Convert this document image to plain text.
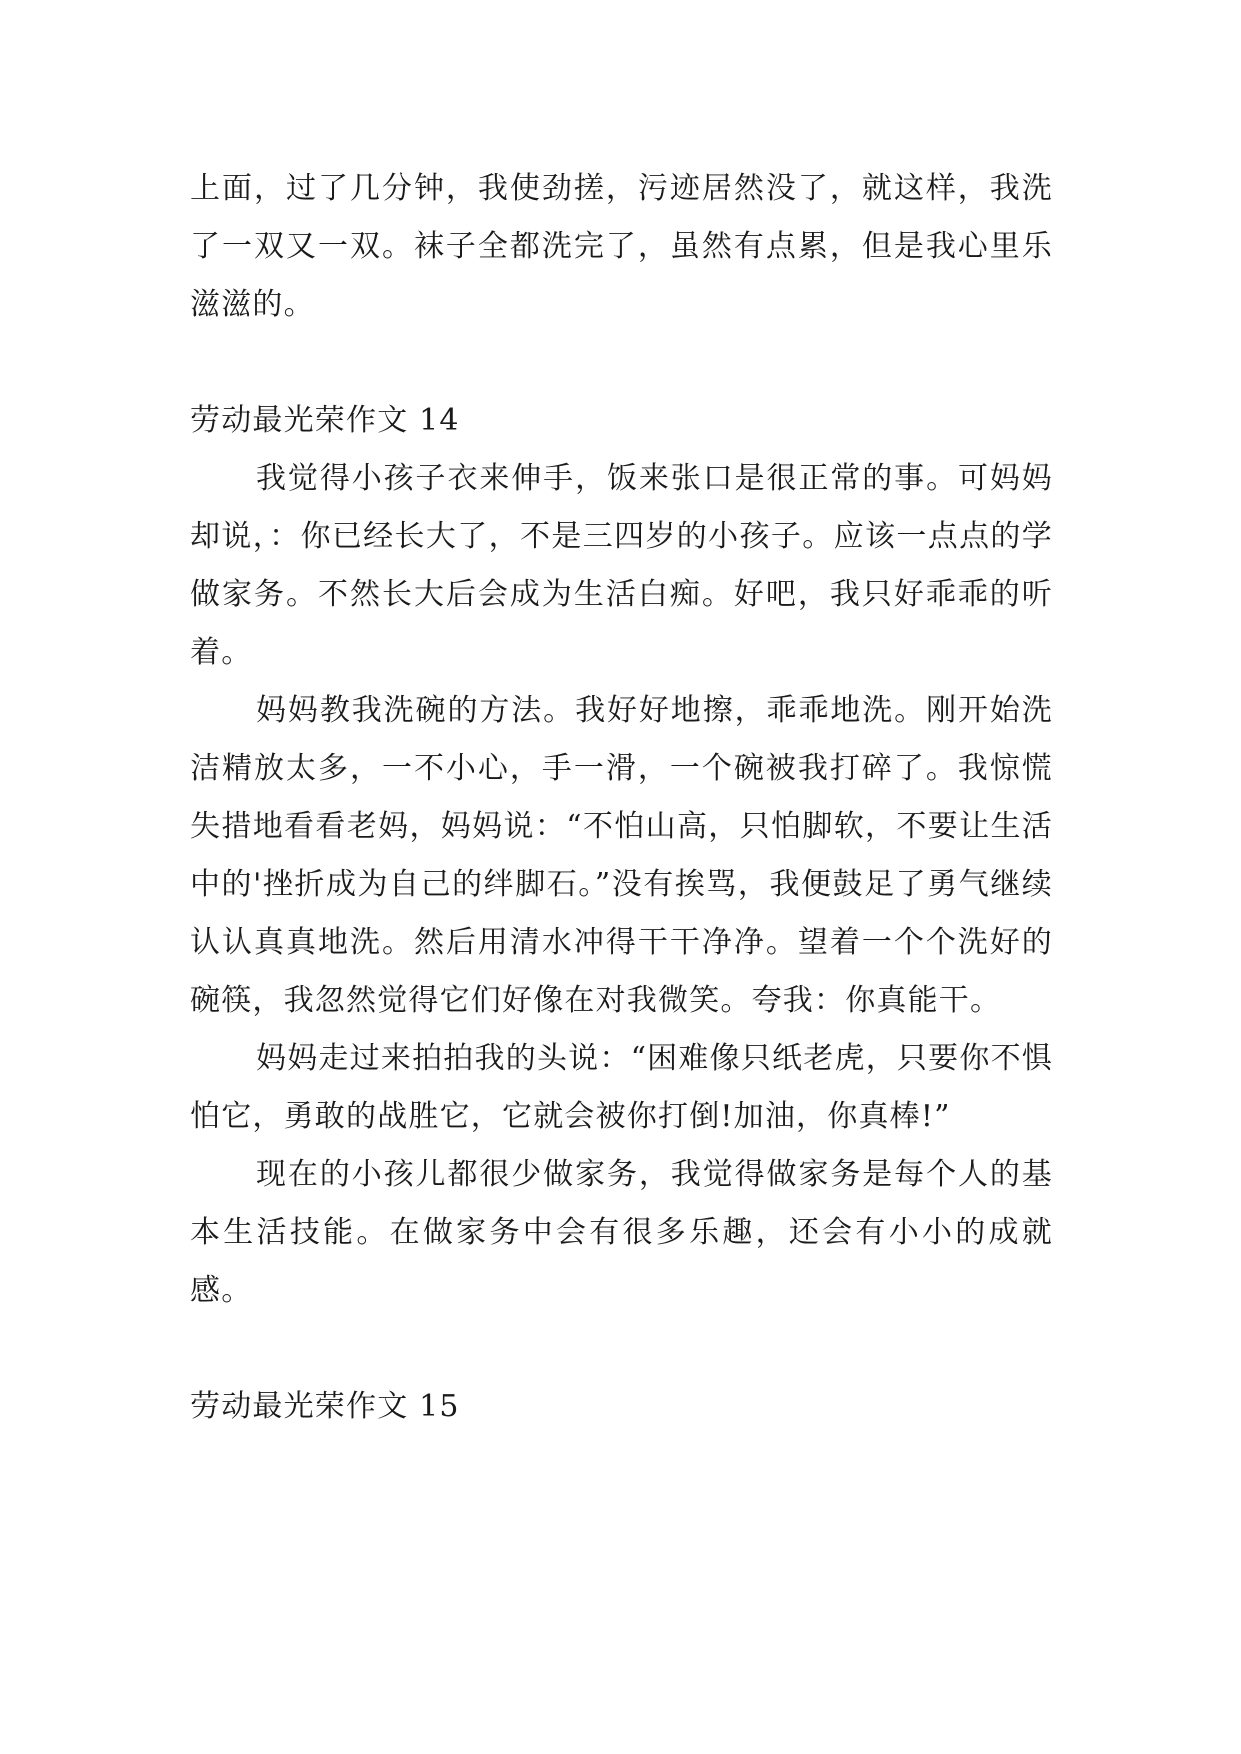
上面，过了几分钟，我使劲搓，污迹居然没了，就这样，我洗了一双又一双。袜子全都洗完了，虽然有点累，但是我心里乐滋滋的。

劳动最光荣作文 14

我觉得小孩子衣来伸手，饭来张口是很正常的事。可妈妈却说，：你已经长大了，不是三四岁的小孩子。应该一点点的学做家务。不然长大后会成为生活白痴。好吧，我只好乖乖的听着。

妈妈教我洗碗的方法。我好好地擦，乖乖地洗。刚开始洗洁精放太多，一不小心，手一滑，一个碗被我打碎了。我惊慌失措地看看老妈，妈妈说：“不怕山高，只怕脚软，不要让生活中的'挫折成为自己的绊脚石。”没有挨骂，我便鼓足了勇气继续认认真真地洗。然后用清水冲得干干净净。望着一个个洗好的碗筷，我忽然觉得它们好像在对我微笑。夸我：你真能干。

妈妈走过来拍拍我的头说：“困难像只纸老虎，只要你不惧怕它，勇敢的战胜它，它就会被你打倒!加油，你真棒!”

现在的小孩儿都很少做家务，我觉得做家务是每个人的基本生活技能。在做家务中会有很多乐趣，还会有小小的成就感。

劳动最光荣作文 15
